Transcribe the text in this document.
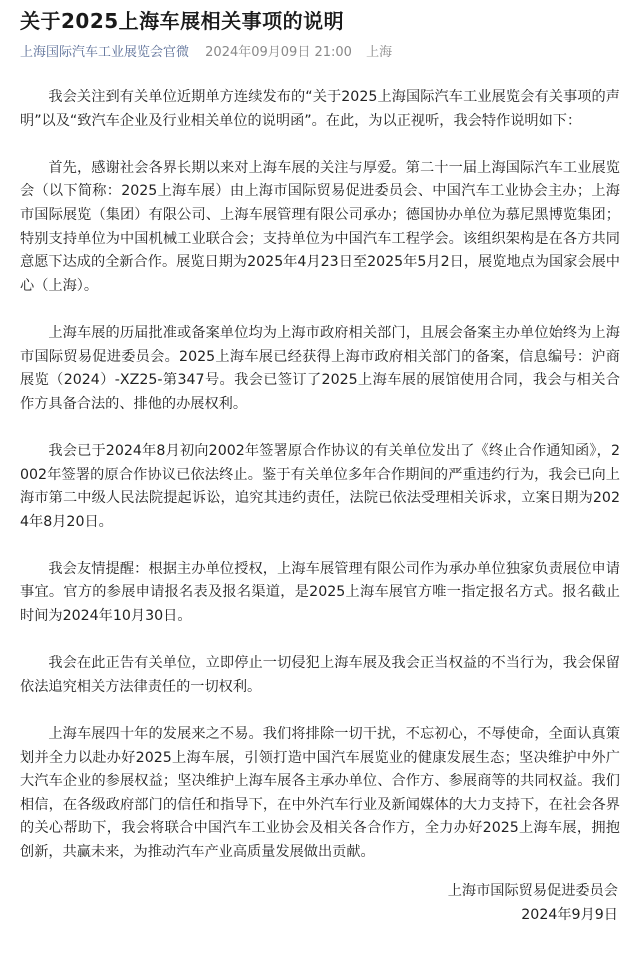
关于2025上海车展相关事项的说明
上海国际汽车工业展览会官微 2024年09月09日 21:00 上海

我会关注到有关单位近期单方连续发布的“关于2025上海国际汽车工业展览会有关事项的声明”以及“致汽车企业及行业相关单位的说明函”。在此，为以正视听，我会特作说明如下：

首先，感谢社会各界长期以来对上海车展的关注与厚爱。第二十一届上海国际汽车工业展览会（以下简称：2025上海车展）由上海市国际贸易促进委员会、中国汽车工业协会主办；上海市国际展览（集团）有限公司、上海车展管理有限公司承办；德国协办单位为慕尼黑博览集团；特别支持单位为中国机械工业联合会；支持单位为中国汽车工程学会。该组织架构是在各方共同意愿下达成的全新合作。展览日期为2025年4月23日至2025年5月2日，展览地点为国家会展中心（上海）。

上海车展的历届批准或备案单位均为上海市政府相关部门，且展会备案主办单位始终为上海市国际贸易促进委员会。2025上海车展已经获得上海市政府相关部门的备案，信息编号：沪商展览（2024）-XZ25-第347号。我会已签订了2025上海车展的展馆使用合同，我会与相关合作方具备合法的、排他的办展权利。

我会已于2024年8月初向2002年签署原合作协议的有关单位发出了《终止合作通知函》，2002年签署的原合作协议已依法终止。鉴于有关单位多年合作期间的严重违约行为，我会已向上海市第二中级人民法院提起诉讼，追究其违约责任，法院已依法受理相关诉求，立案日期为2024年8月20日。

我会友情提醒：根据主办单位授权，上海车展管理有限公司作为承办单位独家负责展位申请事宜。官方的参展申请报名表及报名渠道，是2025上海车展官方唯一指定报名方式。报名截止时间为2024年10月30日。

我会在此正告有关单位，立即停止一切侵犯上海车展及我会正当权益的不当行为，我会保留依法追究相关方法律责任的一切权利。

上海车展四十年的发展来之不易。我们将排除一切干扰，不忘初心，不辱使命，全面认真策划并全力以赴办好2025上海车展，引领打造中国汽车展览业的健康发展生态；坚决维护中外广大汽车企业的参展权益；坚决维护上海车展各主承办单位、合作方、参展商等的共同权益。我们相信，在各级政府部门的信任和指导下，在中外汽车行业及新闻媒体的大力支持下，在社会各界的关心帮助下，我会将联合中国汽车工业协会及相关各合作方，全力办好2025上海车展，拥抱创新，共赢未来，为推动汽车产业高质量发展做出贡献。

上海市国际贸易促进委员会
2024年9月9日
